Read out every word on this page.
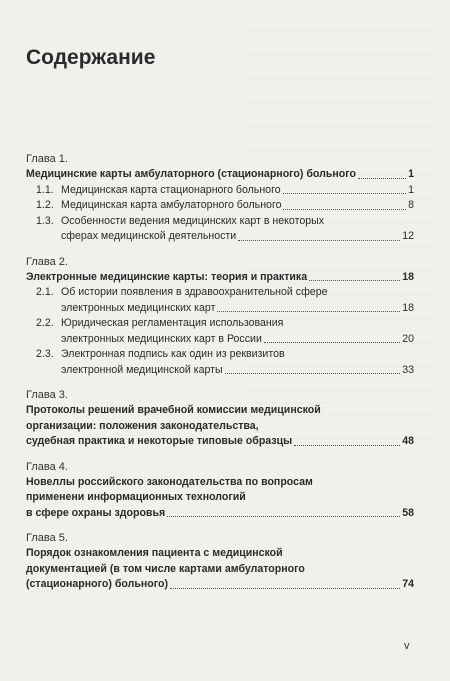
Содержание
Глава 1.
Медицинские карты амбулаторного (стационарного) больного	1
1.1. Медицинская карта стационарного больного	1
1.2. Медицинская карта амбулаторного больного	8
1.3. Особенности ведения медицинских карт в некоторых
сферах медицинской деятельности	12
Глава 2.
Электронные медицинские карты: теория и практика	18
2.1. Об истории появления в здравоохранительной сфере
электронных медицинских карт	18
2.2. Юридическая регламентация использования
электронных медицинских карт в России	20
2.3. Электронная подпись как один из реквизитов
электронной медицинской карты	33
Глава 3.
Протоколы решений врачебной комиссии медицинской
организации: положения законодательства,
судебная практика и некоторые типовые образцы	48
Глава 4.
Новеллы российского законодательства по вопросам
применени информационных технологий
в сфере охраны здоровья	58
Глава 5.
Порядок ознакомления пациента с медицинской
документацией (в том числе картами амбулаторного
(стационарного) больного)	74
v
